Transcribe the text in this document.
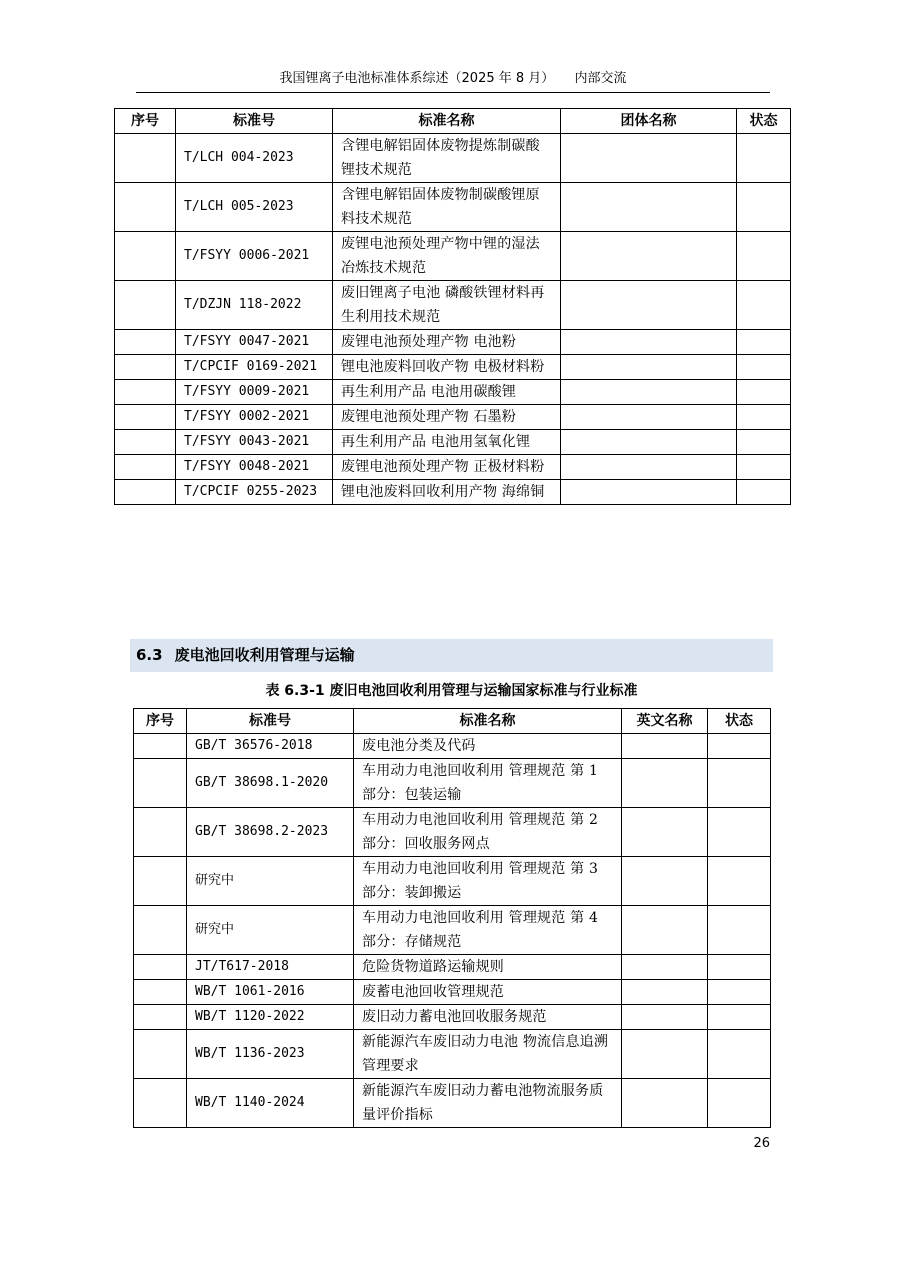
我国锂离子电池标准体系综述（2025 年 8 月） 内部交流
序号	标准号	标准名称	团体名称	状态
	T/LCH 004-2023	含锂电解铝固体废物提炼制碳酸锂技术规范		
	T/LCH 005-2023	含锂电解铝固体废物制碳酸锂原料技术规范		
	T/FSYY 0006-2021	废锂电池预处理产物中锂的湿法冶炼技术规范		
	T/DZJN 118-2022	废旧锂离子电池 磷酸铁锂材料再生利用技术规范		
	T/FSYY 0047-2021	废锂电池预处理产物 电池粉		
	T/CPCIF 0169-2021	锂电池废料回收产物 电极材料粉		
	T/FSYY 0009-2021	再生利用产品 电池用碳酸锂		
	T/FSYY 0002-2021	废锂电池预处理产物 石墨粉		
	T/FSYY 0043-2021	再生利用产品 电池用氢氧化锂		
	T/FSYY 0048-2021	废锂电池预处理产物 正极材料粉		
	T/CPCIF 0255-2023	锂电池废料回收利用产物 海绵铜		
6.3 废电池回收利用管理与运输
表 6.3-1 废旧电池回收利用管理与运输国家标准与行业标准
序号	标准号	标准名称	英文名称	状态
	GB/T 36576-2018	废电池分类及代码		
	GB/T 38698.1-2020	车用动力电池回收利用 管理规范 第 1 部分：包装运输		
	GB/T 38698.2-2023	车用动力电池回收利用 管理规范 第 2 部分：回收服务网点		
	研究中	车用动力电池回收利用 管理规范 第 3 部分：装卸搬运		
	研究中	车用动力电池回收利用 管理规范 第 4 部分：存储规范		
	JT/T617-2018	危险货物道路运输规则		
	WB/T 1061-2016	废蓄电池回收管理规范		
	WB/T 1120-2022	废旧动力蓄电池回收服务规范		
	WB/T 1136-2023	新能源汽车废旧动力电池 物流信息追溯管理要求		
	WB/T 1140-2024	新能源汽车废旧动力蓄电池物流服务质量评价指标		
26
